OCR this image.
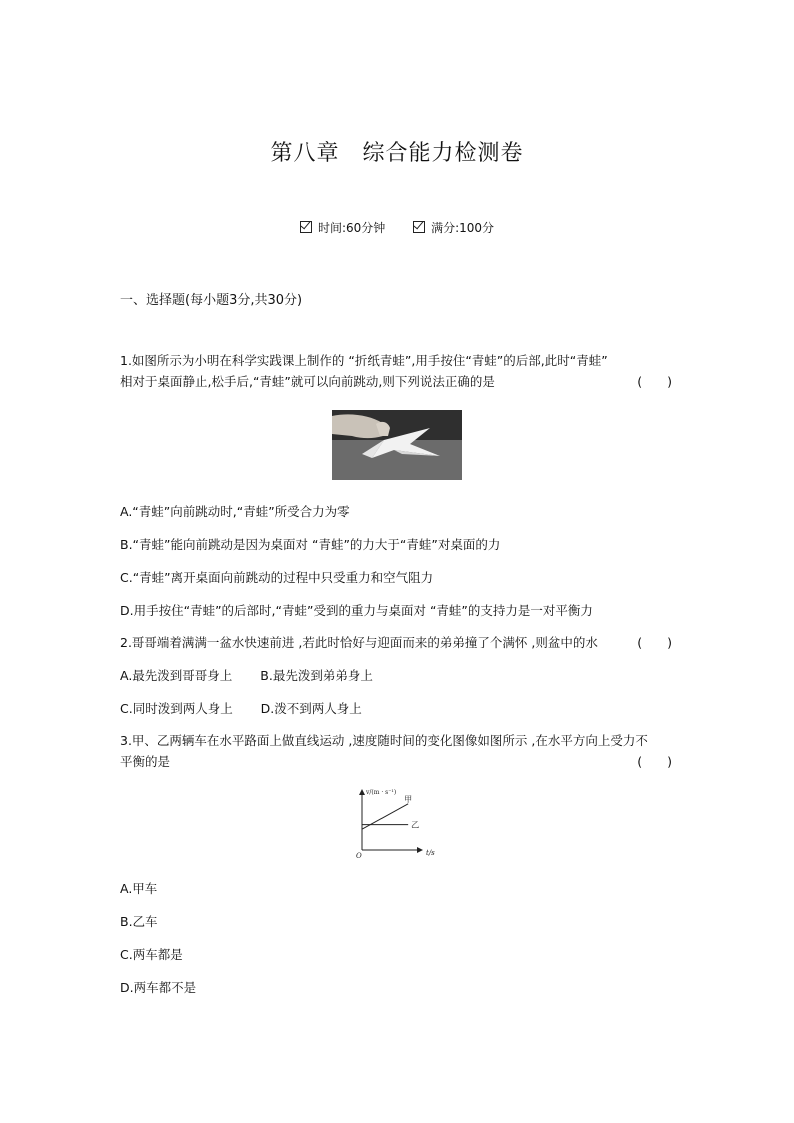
第八章　综合能力检测卷
时间:60分钟
	满分:100分
一、选择题(每小题3分,共30分)
1.如图所示为小明在科学实践课上制作的 “折纸青蛙”,用手按住“青蛙”的后部,此时“青蛙”
相对于桌面静止,松手后,“青蛙”就可以向前跳动,则下列说法正确的是	(　　)
A.“青蛙”向前跳动时,“青蛙”所受合力为零
B.“青蛙”能向前跳动是因为桌面对 “青蛙”的力大于“青蛙”对桌面的力
C.“青蛙”离开桌面向前跳动的过程中只受重力和空气阻力
D.用手按住“青蛙”的后部时,“青蛙”受到的重力与桌面对 “青蛙”的支持力是一对平衡力
2.哥哥端着满满一盆水快速前进 ,若此时恰好与迎面而来的弟弟撞了个满怀 ,则盆中的水	(　　)
A.最先泼到哥哥身上 B.最先泼到弟弟身上
C.同时泼到两人身上 D.泼不到两人身上
3.甲、乙两辆车在水平路面上做直线运动 ,速度随时间的变化图像如图所示 ,在水平方向上受力不
平衡的是	(　　)
v/(m · s⁻¹)
t/s
O
甲
乙
A.甲车
B.乙车
C.两车都是
D.两车都不是
